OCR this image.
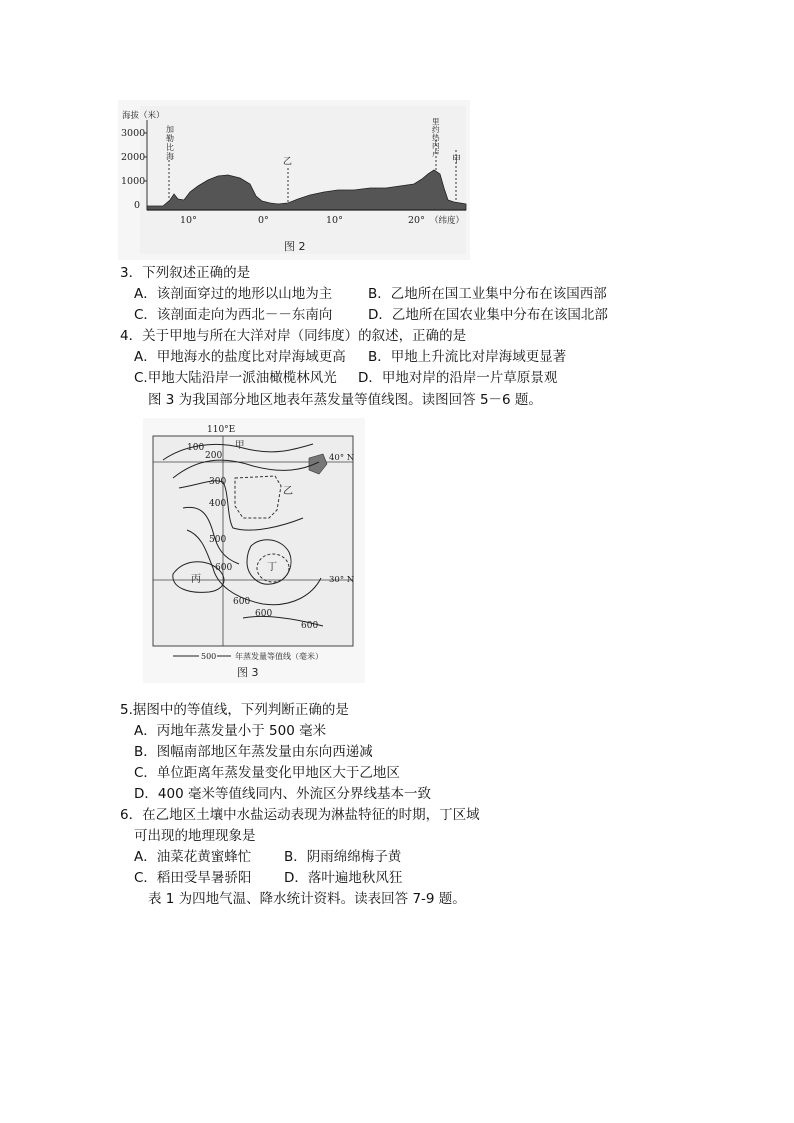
海拔（米）
3000
2000
1000
0
加勒比海
里约热内卢
乙	甲
10°	0°	10°	20° （纬度）
图 2
3．下列叙述正确的是
A．该剖面穿过的地形以山地为主	B．乙地所在国工业集中分布在该国西部
C．该剖面走向为西北－－东南向	D．乙地所在国农业集中分布在该国北部
4．关于甲地与所在大洋对岸（同纬度）的叙述，正确的是
A．甲地海水的盐度比对岸海域更高 B．甲地上升流比对岸海域更显著
C.甲地大陆沿岸一派油橄榄林风光 D．甲地对岸的沿岸一片草原景观
图 3 为我国部分地区地表年蒸发量等值线图。读图回答 5－6 题。
110°E
40° N
30° N
100
200
300
400
500
600
600
600
600
甲
乙
丙
丁
500 年蒸发量等值线（毫米）
图 3
5.据图中的等值线，下列判断正确的是
A．丙地年蒸发量小于 500 毫米
B．图幅南部地区年蒸发量由东向西递减
C．单位距离年蒸发量变化甲地区大于乙地区
D．400 毫米等值线同内、外流区分界线基本一致
6．在乙地区土壤中水盐运动表现为淋盐特征的时期，丁区域
可出现的地理现象是
A．油菜花黄蜜蜂忙 B．阴雨绵绵梅子黄
C．稻田受旱暑骄阳 D．落叶遍地秋风狂
表 1 为四地气温、降水统计资料。读表回答 7-9 题。
